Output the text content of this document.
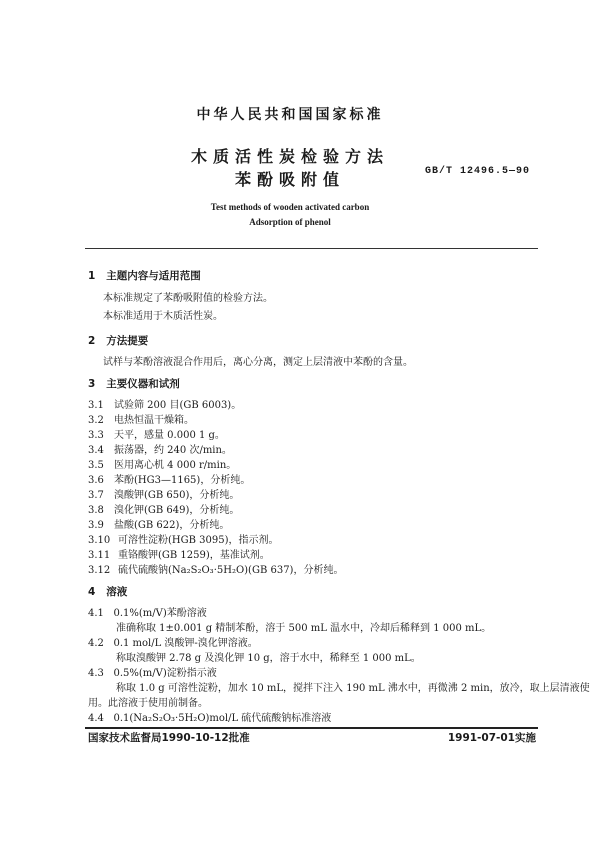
中华人民共和国国家标准
木质活性炭检验方法
苯酚吸附值	GB/T 12496.5—90
Test methods of wooden activated carbon
Adsorption of phenol
1 主题内容与适用范围
本标准规定了苯酚吸附值的检验方法。
本标准适用于木质活性炭。
2 方法提要
试样与苯酚溶液混合作用后，离心分离，测定上层清液中苯酚的含量。
3 主要仪器和试剂
3.1 试验筛 200 目(GB 6003)。
3.2 电热恒温干燥箱。
3.3 天平，感量 0.000 1 g。
3.4 振荡器，约 240 次/min。
3.5 医用离心机 4 000 r/min。
3.6 苯酚(HG3—1165)，分析纯。
3.7 溴酸钾(GB 650)，分析纯。
3.8 溴化钾(GB 649)，分析纯。
3.9 盐酸(GB 622)，分析纯。
3.10 可溶性淀粉(HGB 3095)，指示剂。
3.11 重铬酸钾(GB 1259)，基准试剂。
3.12 硫代硫酸钠(Na₂S₂O₃·5H₂O)(GB 637)，分析纯。
4 溶液
4.1 0.1%(m/V)苯酚溶液
准确称取 1±0.001 g 精制苯酚，溶于 500 mL 温水中，冷却后稀释到 1 000 mL。
4.2 0.1 mol/L 溴酸钾-溴化钾溶液。
称取溴酸钾 2.78 g 及溴化钾 10 g，溶于水中，稀释至 1 000 mL。
4.3 0.5%(m/V)淀粉指示液
称取 1.0 g 可溶性淀粉，加水 10 mL，搅拌下注入 190 mL 沸水中，再微沸 2 min，放冷，取上层清液使
用。此溶液于使用前制备。
4.4 0.1(Na₂S₂O₃·5H₂O)mol/L 硫代硫酸钠标准溶液
国家技术监督局1990-10-12批准	1991-07-01实施
